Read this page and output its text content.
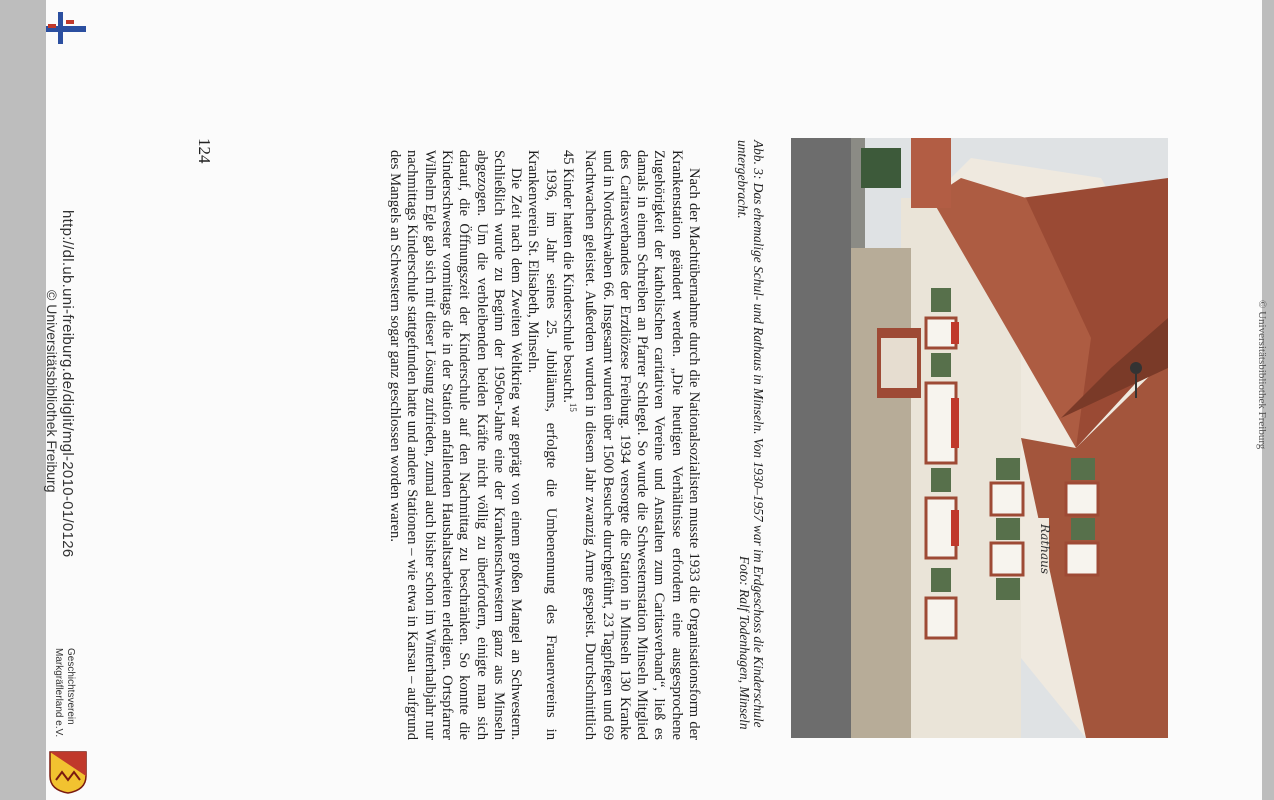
http://dl.ub.uni-freiburg.de/diglit/mgl-2010-01/0126
© Universitätsbibliothek Freiburg
Geschichtsverein
Markgräflerland e.V.
124

Nach der Machtübernahme durch die Nationalsozialisten musste 1933 die Organisationsform der Krankenstation geändert werden. „Die heutigen Verhältnisse erfordern eine ausgesprochene Zugehörigkeit der katholischen caritativen Vereine und Anstalten zum Caritasverband“, ließ es damals in einem Schreiben an Pfarrer Schlegel. So wurde die Schwesternstation Minseln Mitglied des Caritasverbandes der Erzdiözese Freiburg. 1934 versorgte die Station in Minseln 130 Kranke und in Nordschwaben 66. Insgesamt wurden über 1500 Besuche durchgeführt, 23 Tagpflegen und 69 Nachtwachen geleistet. Außerdem wurden in diesem Jahr zwanzig Arme gespeist. Durchschnittlich 45 Kinder hatten die Kinderschule besucht.$^{15}$

1936, im Jahr seines 25. Jubiläums, erfolgte die Umbenennung des Frauenvereins in Krankenverein St. Elisabeth, Minseln.

Die Zeit nach dem Zweiten Weltkrieg war geprägt von einem großen Mangel an Schwestern. Schließlich wurde zu Beginn der 1950er-Jahre eine der Krankenschwestern ganz aus Minseln abgezogen. Um die verbleibenden beiden Kräfte nicht völlig zu überfordern, einigte man sich darauf, die Öffnungszeit der Kinderschule auf den Nachmittag zu beschränken. So konnte die Kinderschwester vormittags die in der Station anfallenden Haushaltsarbeiten erledigen. Ortspfarrer Wilhelm Egle gab sich mit dieser Lösung zufrieden, zumal auch bisher schon im Winterhalbjahr nur nachmittags Kinderschule stattgefunden hatte und andere Stationen – wie etwa in Karsau – aufgrund des Mangels an Schwestern sogar ganz geschlossen worden waren.	Abb. 3: Das ehemalige Schul- und Rathaus in Minseln. Von 1930–1957 war im Erdgeschoss die Kinderschule untergebracht.
Foto: Ralf Todenhagen, Minseln
Rathaus
© Universitätsbibliothek Freiburg
